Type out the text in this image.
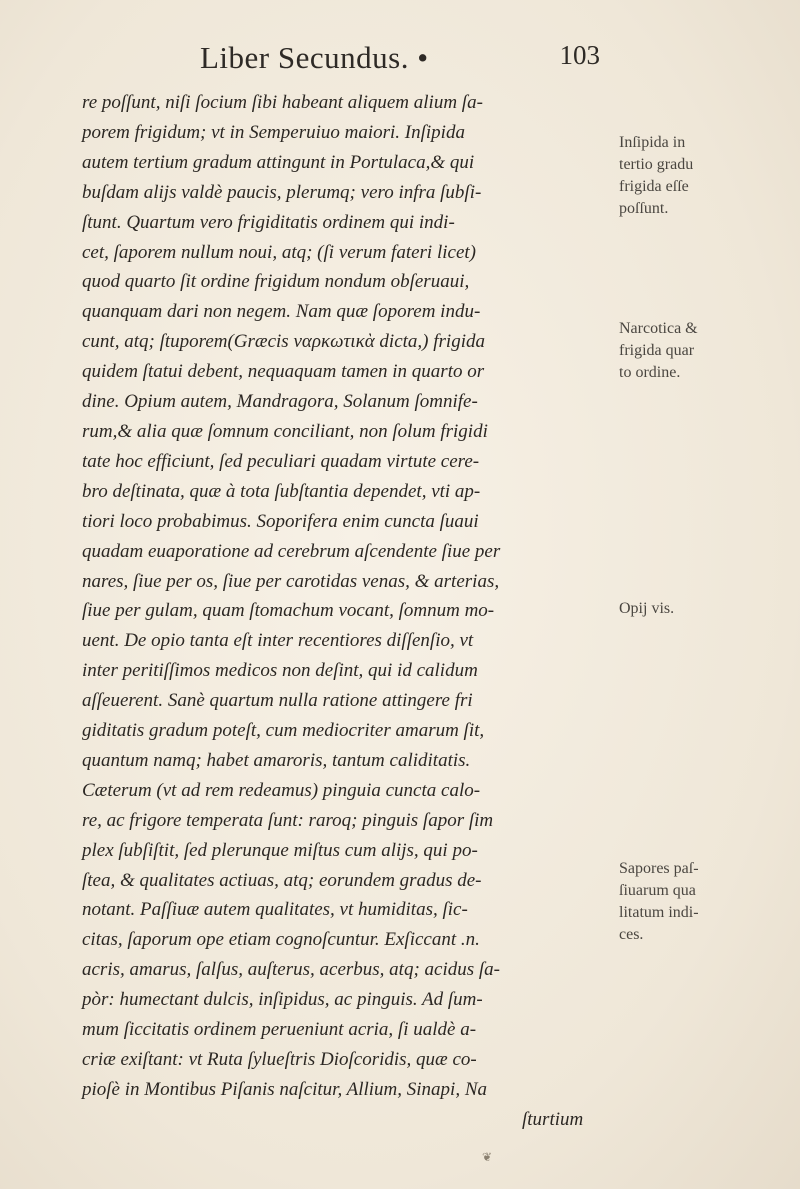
Liber Secundus. •	103
re poſſunt, niſi ſocium ſibi habeant aliquem alium ſa-
porem frigidum; vt in Semperuiuo maiori. Inſipida
autem tertium gradum attingunt in Portulaca,& qui
buſdam alijs valdè paucis, plerumq; vero infra ſubſi-
ſtunt. Quartum vero frigiditatis ordinem qui indi-
cet, ſaporem nullum noui, atq; (ſi verum fateri licet)
quod quarto ſit ordine frigidum nondum obſeruaui,
quanquam dari non negem. Nam quæ ſoporem indu-
cunt, atq; ſtuporem(Græcis ναρκωτικὰ dicta,) frigida
quidem ſtatui debent, nequaquam tamen in quarto or
dine. Opium autem, Mandragora, Solanum ſomnife-
rum,& alia quæ ſomnum conciliant, non ſolum frigidi
tate hoc efficiunt, ſed peculiari quadam virtute cere-
bro deſtinata, quæ à tota ſubſtantia dependet, vti ap-
tiori loco probabimus. Soporifera enim cuncta ſuaui
quadam euaporatione ad cerebrum aſcendente ſiue per
nares, ſiue per os, ſiue per carotidas venas, & arterias,
ſiue per gulam, quam ſtomachum vocant, ſomnum mo-
uent. De opio tanta eſt inter recentiores diſſenſio, vt
inter peritiſſimos medicos non deſint, qui id calidum
aſſeuerent. Sanè quartum nulla ratione attingere fri
giditatis gradum poteſt, cum mediocriter amarum ſit,
quantum namq; habet amaroris, tantum caliditatis.
Cæterum (vt ad rem redeamus) pinguia cuncta calo-
re, ac frigore temperata ſunt: raroq; pinguis ſapor ſim
plex ſubſiſtit, ſed plerunque miſtus cum alijs, qui po-
ſtea, & qualitates actiuas, atq; eorundem gradus de-
notant. Paſſiuæ autem qualitates, vt humiditas, ſic-
citas, ſaporum ope etiam cognoſcuntur. Exſiccant .n.
acris, amarus, ſalſus, auſterus, acerbus, atq; acidus ſa-
pòr: humectant dulcis, inſipidus, ac pinguis. Ad ſum-
mum ſiccitatis ordinem perueniunt acria, ſi ualdè a-
criæ exiſtant: vt Ruta ſylueſtris Dioſcoridis, quæ co-
pioſè in Montibus Piſanis naſcitur, Allium, Sinapi, Na
ſturtium
Inſipida in
tertio gradu
frigida eſſe
poſſunt.
Narcotica &
frigida quar
to ordine.
Opij vis.
Sapores paſ-
ſiuarum qua
litatum indi-
ces.
❦
